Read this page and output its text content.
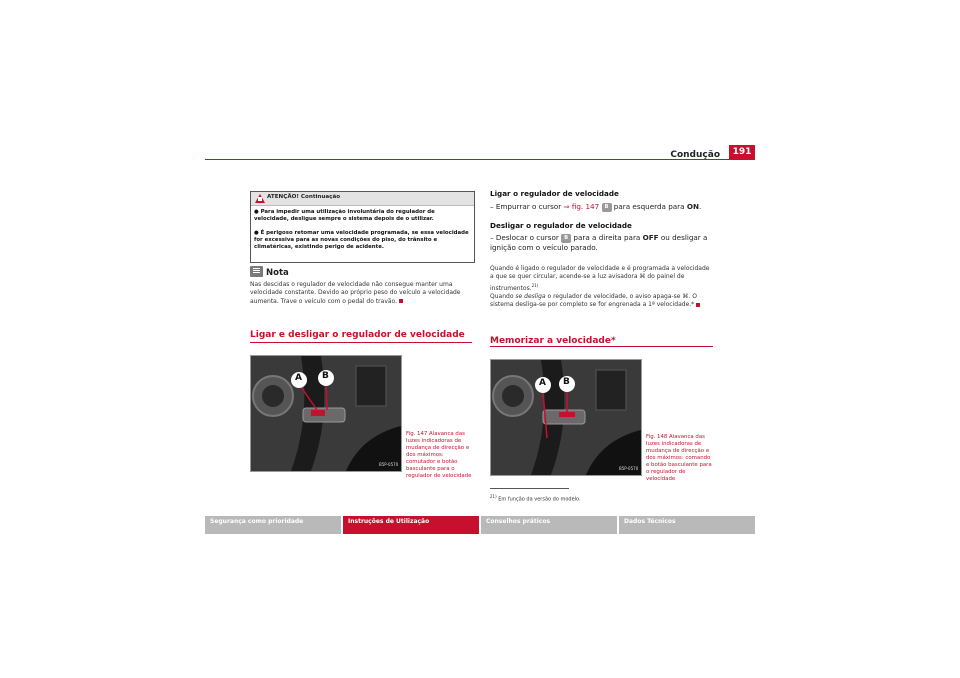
Condução	191
ATENÇÃO! Continuação
● Para impedir uma utilização involuntária do regulador de velocidade, desligue sempre o sistema depois de o utilizar.
● É perigoso retomar uma velocidade programada, se essa velocidade for excessiva para as novas condições do piso, do trânsito e climatéricas, existindo perigo de acidente.
Nota
Nas descidas o regulador de velocidade não consegue manter uma velocidade constante. Devido ao próprio peso do veículo a velocidade aumenta. Trave o veículo com o pedal do travão.
Ligar e desligar o regulador de velocidade
A B
B5P-0570
Fig. 147 Alavanca das luzes indicadoras de mudança de direcção e dos máximos: comutador e botão basculante para o regulador de velocidade
Ligar o regulador de velocidade
– Empurrar o cursor ⇒ fig. 147 B para esquerda para ON.
Desligar o regulador de velocidade
– Deslocar o cursor B para a direita para OFF ou desligar a ignição com o veículo parado.
Quando é ligado o regulador de velocidade e é programada a velocidade a que se quer circular, acende-se a luz avisadora ⌘ do painel de instrumentos.$^{21)}$
Quando se desliga o regulador de velocidade, o aviso apaga-se ⌘. O sistema desliga-se por completo se for engrenada a 1ª velocidade.*
Memorizar a velocidade*
A B
B5P-0570
Fig. 148 Alavanca das luzes indicadoras de mudança de direcção e dos máximos: comando e botão basculante para o regulador de velocidade
$^{21)}$ Em função da versão do modelo.
Segurança como prioridade	Instruções de Utilização	Conselhos práticos	Dados Técnicos
